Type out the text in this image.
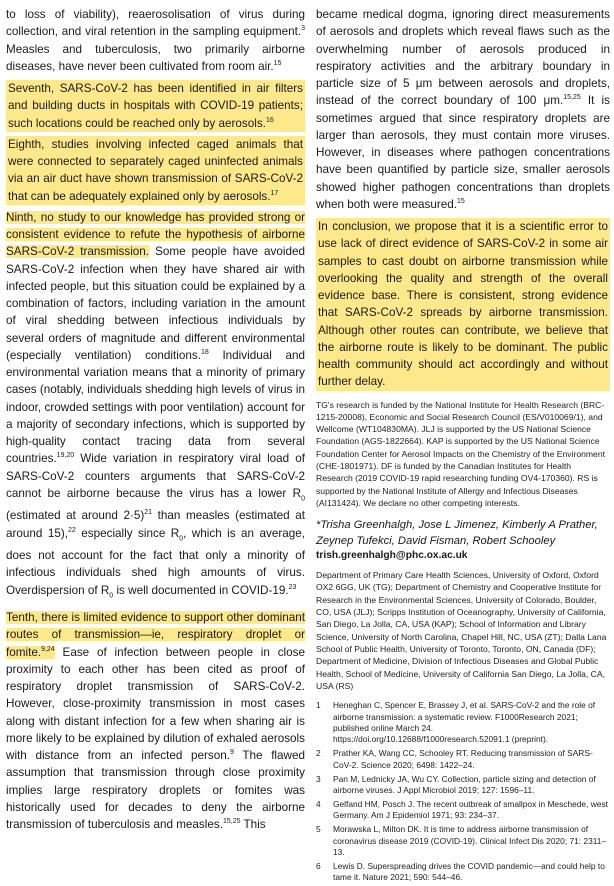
to loss of viability), reaerosolisation of virus during collection, and viral retention in the sampling equipment.$^3$ Measles and tuberculosis, two primarily airborne diseases, have never been cultivated from room air.$^{15}$

Seventh, SARS-CoV-2 has been identified in air filters and building ducts in hospitals with COVID-19 patients; such locations could be reached only by aerosols.$^{16}$

Eighth, studies involving infected caged animals that were connected to separately caged uninfected animals via an air duct have shown transmission of SARS-CoV-2 that can be adequately explained only by aerosols.$^{17}$

Ninth, no study to our knowledge has provided strong or consistent evidence to refute the hypothesis of airborne SARS-CoV-2 transmission. Some people have avoided SARS-CoV-2 infection when they have shared air with infected people, but this situation could be explained by a combination of factors, including variation in the amount of viral shedding between infectious individuals by several orders of magnitude and different environmental (especially ventilation) conditions.$^{18}$ Individual and environmental variation means that a minority of primary cases (notably, individuals shedding high levels of virus in indoor, crowded settings with poor ventilation) account for a majority of secondary infections, which is supported by high-quality contact tracing data from several countries.$^{19,20}$ Wide variation in respiratory viral load of SARS-CoV-2 counters arguments that SARS-CoV-2 cannot be airborne because the virus has a lower $R_0$ (estimated at around 2·5)$^{21}$ than measles (estimated at around 15),$^{22}$ especially since $R_0$, which is an average, does not account for the fact that only a minority of infectious individuals shed high amounts of virus. Overdispersion of $R_0$ is well documented in COVID-19.23

Tenth, there is limited evidence to support other dominant routes of transmission—ie, respiratory droplet or fomite.$^{9,24}$ Ease of infection between people in close proximity to each other has been cited as proof of respiratory droplet transmission of SARS-CoV-2. However, close-proximity transmission in most cases along with distant infection for a few when sharing air is more likely to be explained by dilution of exhaled aerosols with distance from an infected person.$^9$ The flawed assumption that transmission through close proximity implies large respiratory droplets or fomites was historically used for decades to deny the airborne transmission of tuberculosis and measles.$^{15,25}$ This

became medical dogma, ignoring direct measurements of aerosols and droplets which reveal flaws such as the overwhelming number of aerosols produced in respiratory activities and the arbitrary boundary in particle size of 5 μm between aerosols and droplets, instead of the correct boundary of 100 μm.$^{15,25}$ It is sometimes argued that since respiratory droplets are larger than aerosols, they must contain more viruses. However, in diseases where pathogen concentrations have been quantified by particle size, smaller aerosols showed higher pathogen concentrations than droplets when both were measured.$^{15}$

In conclusion, we propose that it is a scientific error to use lack of direct evidence of SARS-CoV-2 in some air samples to cast doubt on airborne transmission while overlooking the quality and strength of the overall evidence base. There is consistent, strong evidence that SARS-CoV-2 spreads by airborne transmission. Although other routes can contribute, we believe that the airborne route is likely to be dominant. The public health community should act accordingly and without further delay.

TG's research is funded by the National Institute for Health Research (BRC-1215-20008), Economic and Social Research Council (ES/V010069/1), and Wellcome (WT104830MA). JLJ is supported by the US National Science Foundation (AGS-1822664). KAP is supported by the US National Science Foundation Center for Aerosol Impacts on the Chemistry of the Environment (CHE-1801971). DF is funded by the Canadian Institutes for Health Research (2019 COVID-19 rapid researching funding OV4-170360). RS is supported by the National Institute of Allergy and Infectious Diseases (AI131424). We declare no other competing interests.

*Trisha Greenhalgh, Jose L Jimenez, Kimberly A Prather, Zeynep Tufekci, David Fisman, Robert Schooley

trish.greenhalgh@phc.ox.ac.uk

Department of Primary Care Health Sciences, University of Oxford, Oxford OX2 6GG, UK (TG); Department of Chemistry and Cooperative Institute for Research in the Environmental Sciences, University of Colorado, Boulder, CO, USA (JLJ); Scripps Institution of Oceanography, University of California, San Diego, La Jolla, CA, USA (KAP); School of Information and Library Science, University of North Carolina, Chapel Hill, NC, USA (ZT); Dalla Lana School of Public Health, University of Toronto, Toronto, ON, Canada (DF); Department of Medicine, Division of Infectious Diseases and Global Public Health, School of Medicine, University of California San Diego, La Jolla, CA, USA (RS)

1	Heneghan C, Spencer E, Brassey J, et al. SARS-CoV-2 and the role of airborne transmission: a systematic review. F1000Research 2021; published online March 24. https://doi.org/10.12688/f1000research.52091.1 (preprint).
2	Prather KA, Wang CC, Schooley RT. Reducing transmission of SARS-CoV-2. Science 2020; 6498: 1422–24.
3	Pan M, Lednicky JA, Wu CY. Collection, particle sizing and detection of airborne viruses. J Appl Microbiol 2019; 127: 1596–11.
4	Gelfand HM, Posch J. The recent outbreak of smallpox in Meschede, west Germany. Am J Epidemiol 1971; 93: 234–37.
5	Morawska L, Milton DK. It is time to address airborne transmission of coronavirus disease 2019 (COVID-19). Clinical Infect Dis 2020; 71: 2311–13.
6	Lewis D. Superspreading drives the COVID pandemic—and could help to tame it. Nature 2021; 590: 544–46.
